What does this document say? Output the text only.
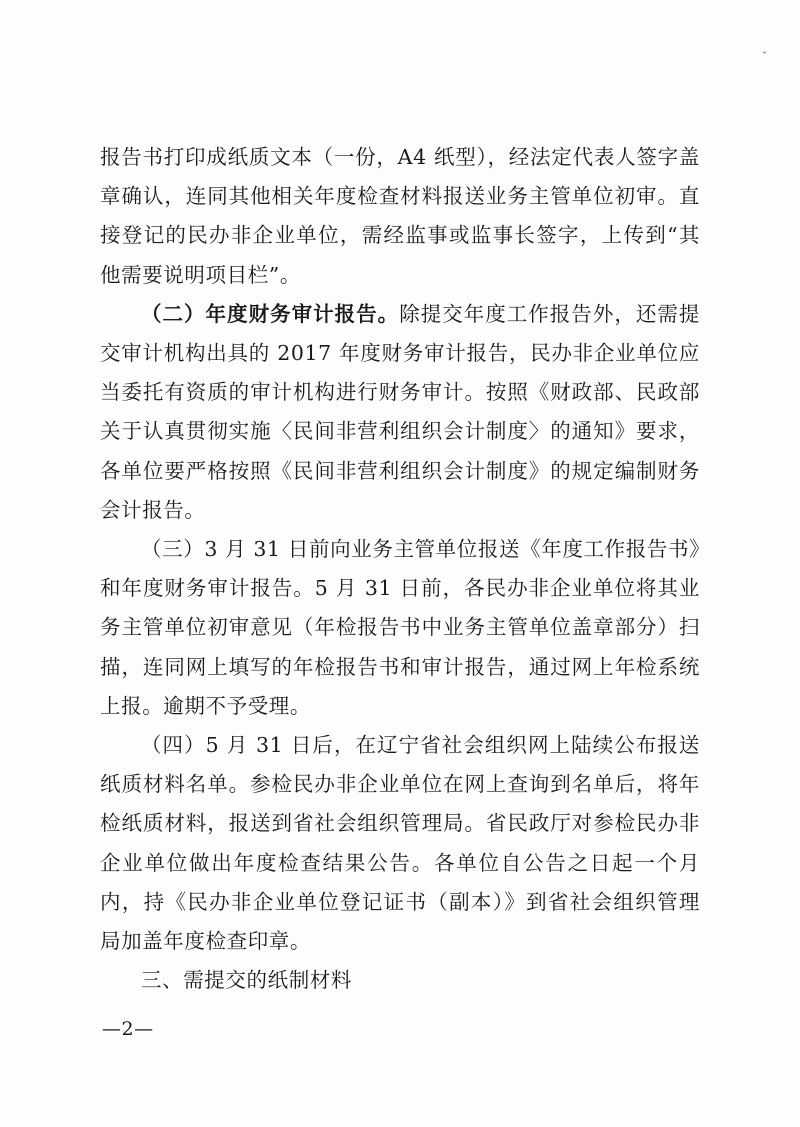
ˇ

报告书打印成纸质文本（一份，A4 纸型），经法定代表人签字盖章确认，连同其他相关年度检查材料报送业务主管单位初审。直接登记的民办非企业单位，需经监事或监事长签字，上传到“其他需要说明项目栏”。

（二）年度财务审计报告。除提交年度工作报告外，还需提交审计机构出具的 2017 年度财务审计报告，民办非企业单位应当委托有资质的审计机构进行财务审计。按照《财政部、民政部关于认真贯彻实施〈民间非营利组织会计制度〉的通知》要求，各单位要严格按照《民间非营利组织会计制度》的规定编制财务会计报告。

（三）3 月 31 日前向业务主管单位报送《年度工作报告书》和年度财务审计报告。5 月 31 日前，各民办非企业单位将其业务主管单位初审意见（年检报告书中业务主管单位盖章部分）扫描，连同网上填写的年检报告书和审计报告，通过网上年检系统上报。逾期不予受理。

（四）5 月 31 日后，在辽宁省社会组织网上陆续公布报送纸质材料名单。参检民办非企业单位在网上查询到名单后，将年检纸质材料，报送到省社会组织管理局。省民政厅对参检民办非企业单位做出年度检查结果公告。各单位自公告之日起一个月内，持《民办非企业单位登记证书（副本）》到省社会组织管理局加盖年度检查印章。

三、需提交的纸制材料

—2—
